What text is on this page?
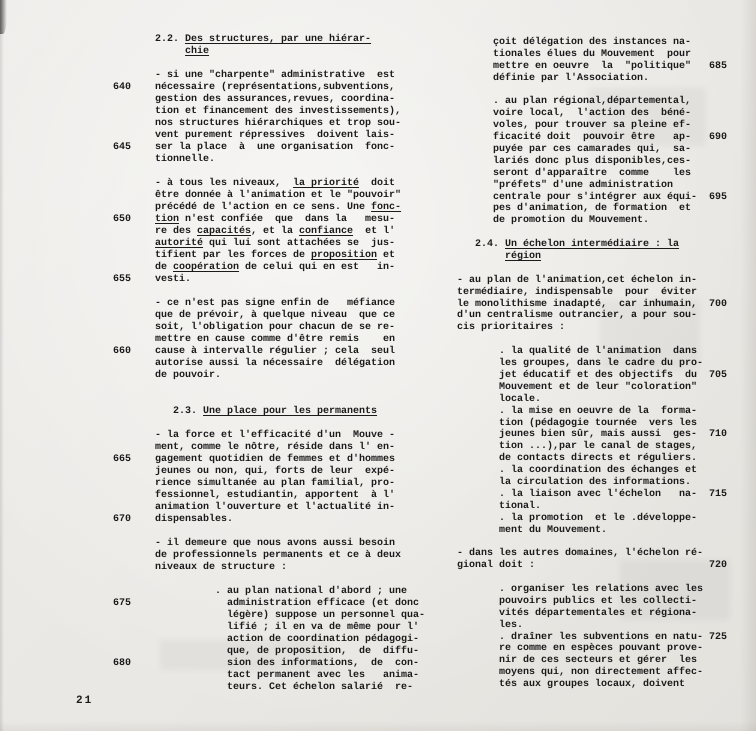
2.2. Des structures, par une hiérar-
chie
- si une "charpente" administrative  est
640	nécessaire (représentations,subventions,
gestion des assurances,revues, coordina-
tion et financement des investissements),
nos structures hiérarchiques et trop sou-
vent purement répressives  doivent lais-
645	ser la place  à  une organisation  fonc-
tionnelle.
- à tous les niveaux,  la priorité  doit
être donnée à l'animation et le "pouvoir"
précédé de l'action en ce sens. Une fonc-
650	tion n'est confiée  que  dans la   mesu-
re des capacités, et la confiance  et l'
autorité qui lui sont attachées se  jus-
tifient par les forces de proposition et
de coopération de celui qui en est   in-
655	vesti.
- ce n'est pas signe enfin de   méfiance
que de prévoir, à quelque niveau  que ce
soit, l'obligation pour chacun de se re-
mettre en cause comme d'être remis    en
660	cause à intervalle régulier ; cela  seul
autorise aussi la nécessaire  délégation
de pouvoir.
2.3. Une place pour les permanents
- la force et l'efficacité d'un  Mouve -
ment, comme le nôtre, réside dans l' en-
665	gagement quotidien de femmes et d'hommes
jeunes ou non, qui, forts de leur  expé-
rience simultanée au plan familial, pro-
fessionnel, estudiantin, apportent  à l'
animation l'ouverture et l'actualité in-
670	dispensables.
- il demeure que nous avons aussi besoin
de professionnels permanents et ce à deux
niveaux de structure :
. au plan national d'abord ; une
675	administration efficace (et donc
légère) suppose un personnel qua-
lifié ; il en va de même pour l'
action de coordination pédagogi-
que, de proposition,  de  diffu-
680	sion des informations,  de  con-
tact permanent avec les   anima-
teurs. Cet échelon salarié  re-
çoit délégation des instances na-
tionales élues du Mouvement  pour
mettre en oeuvre  la  "politique"	685
définie par l'Association.
. au plan régional,départemental,
voire local,  l'action des  béné-
voles, pour trouver sa pleine ef-
ficacité doit  pouvoir être   ap-	690
puyée par ces camarades qui,  sa-
lariés donc plus disponibles,ces-
seront d'apparaître  comme    les
"préfets" d'une administration
centrale pour s'intégrer aux équi-	695
pes d'animation, de formation  et
de promotion du Mouvement.
2.4. Un échelon intermédiaire : la
région
- au plan de l'animation,cet échelon in-
termédiaire, indispensable  pour  éviter
le monolithisme inadapté,  car inhumain,	700
d'un centralisme outrancier, a pour sou-
cis prioritaires :
. la qualité de l'animation  dans
les groupes, dans le cadre du pro-
jet éducatif et des objectifs  du	705
Mouvement et de leur "coloration"
locale.
. la mise en oeuvre de la  forma-
tion (pédagogie tournée  vers les
jeunes bien sûr, mais aussi  ges-	710
tion ...),par le canal de stages,
de contacts directs et réguliers.
. la coordination des échanges et
la circulation des informations.
. la liaison avec l'échelon   na-	715
tional.
. la promotion  et le .développe-
ment du Mouvement.
- dans les autres domaines, l'échelon ré-
gional doit :	720
. organiser les relations avec les
pouvoirs publics et les collecti-
vités départementales et régiona-
les.
. draîner les subventions en natu- 725
re comme en espèces pouvant prove-
nir de ces secteurs et gérer  les
moyens qui, non directement affec-
tés aux groupes locaux, doivent
21
